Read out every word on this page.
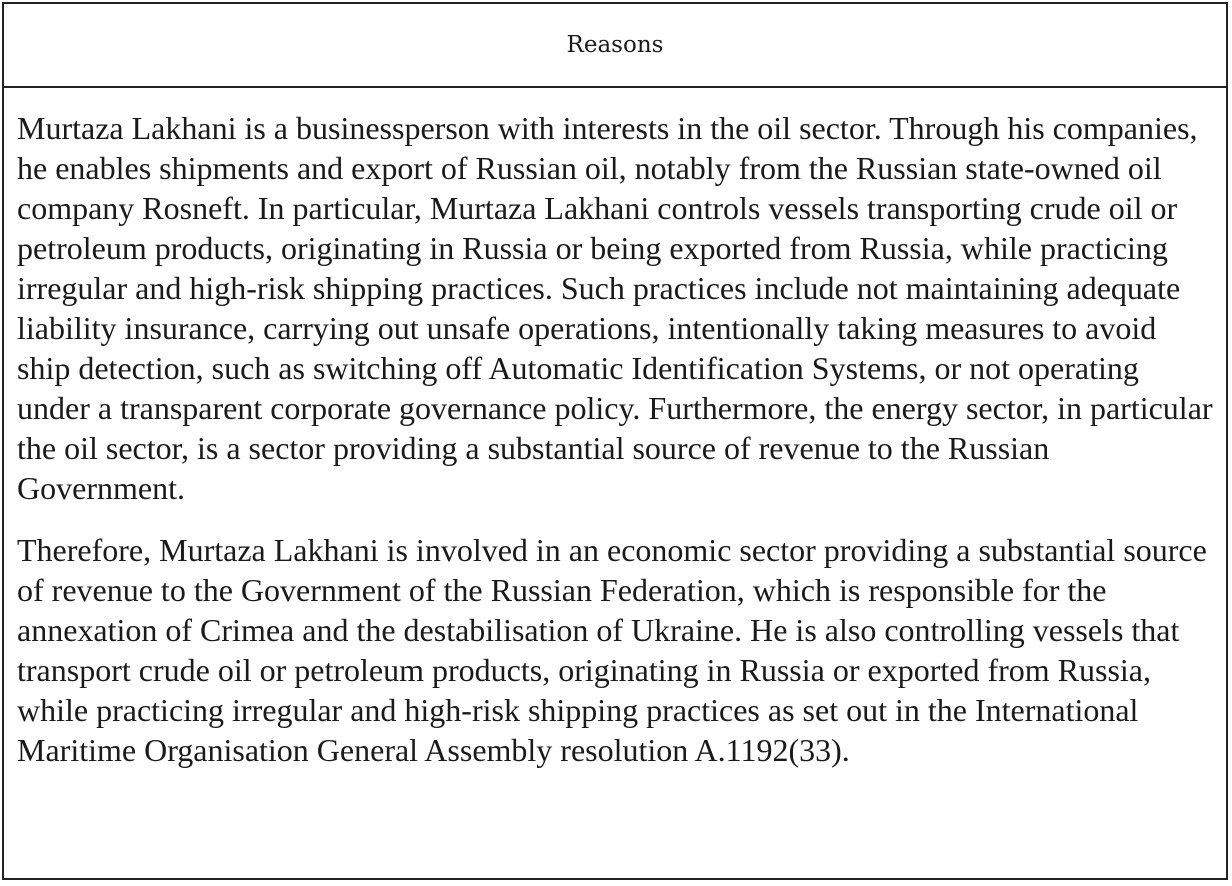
Reasons

Murtaza Lakhani is a businessperson with interests in the oil sector. Through his companies, he enables shipments and export of Russian oil, notably from the Russian state-owned oil company Rosneft. In particular, Murtaza Lakhani controls vessels transporting crude oil or petroleum products, originating in Russia or being exported from Russia, while practicing irregular and high-risk shipping practices. Such practices include not maintaining adequate liability insurance, carrying out unsafe operations, intentionally taking measures to avoid ship detection, such as switching off Automatic Identification Systems, or not operating under a transparent corporate governance policy. Furthermore, the energy sector, in particular the oil sector, is a sector providing a substantial source of revenue to the Russian Government.

Therefore, Murtaza Lakhani is involved in an economic sector providing a substantial source of revenue to the Government of the Russian Federation, which is responsible for the annexation of Crimea and the destabilisation of Ukraine. He is also controlling vessels that transport crude oil or petroleum products, originating in Russia or exported from Russia, while practicing irregular and high-risk shipping practices as set out in the International Maritime Organisation General Assembly resolution A.1192(33).
